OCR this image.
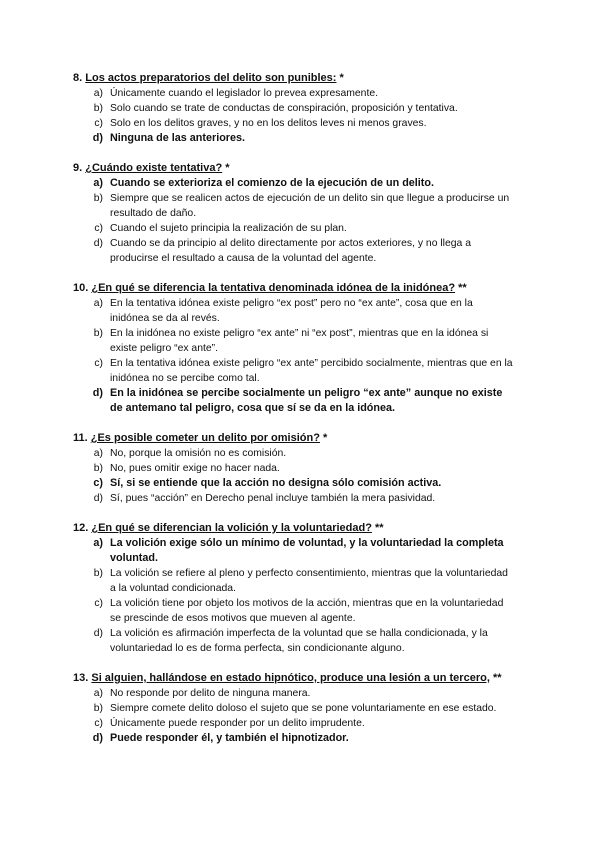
8. Los actos preparatorios del delito son punibles: *
a) Únicamente cuando el legislador lo prevea expresamente.
b) Solo cuando se trate de conductas de conspiración, proposición y tentativa.
c) Solo en los delitos graves, y no en los delitos leves ni menos graves.
d) Ninguna de las anteriores.
9. ¿Cuándo existe tentativa? *
a) Cuando se exterioriza el comienzo de la ejecución de un delito.
b) Siempre que se realicen actos de ejecución de un delito sin que llegue a producirse un resultado de daño.
c) Cuando el sujeto principia la realización de su plan.
d) Cuando se da principio al delito directamente por actos exteriores, y no llega a producirse el resultado a causa de la voluntad del agente.
10. ¿En qué se diferencia la tentativa denominada idónea de la inidónea? **
a) En la tentativa idónea existe peligro “ex post” pero no “ex ante”, cosa que en la inidónea se da al revés.
b) En la inidónea no existe peligro “ex ante” ni “ex post”, mientras que en la idónea si existe peligro “ex ante”.
c) En la tentativa idónea existe peligro “ex ante” percibido socialmente, mientras que en la inidónea no se percibe como tal.
d) En la inidónea se percibe socialmente un peligro “ex ante” aunque no existe de antemano tal peligro, cosa que sí se da en la idónea.
11. ¿Es posible cometer un delito por omisión? *
a) No, porque la omisión no es comisión.
b) No, pues omitir exige no hacer nada.
c) Sí, si se entiende que la acción no designa sólo comisión activa.
d) Sí, pues “acción” en Derecho penal incluye también la mera pasividad.
12. ¿En qué se diferencian la volición y la voluntariedad? **
a) La volición exige sólo un mínimo de voluntad, y la voluntariedad la completa voluntad.
b) La volición se refiere al pleno y perfecto consentimiento, mientras que la voluntariedad a la voluntad condicionada.
c) La volición tiene por objeto los motivos de la acción, mientras que en la voluntariedad se prescinde de esos motivos que mueven al agente.
d) La volición es afirmación imperfecta de la voluntad que se halla condicionada, y la voluntariedad lo es de forma perfecta, sin condicionante alguno.
13. Si alguien, hallándose en estado hipnótico, produce una lesión a un tercero, **
a) No responde por delito de ninguna manera.
b) Siempre comete delito doloso el sujeto que se pone voluntariamente en ese estado.
c) Únicamente puede responder por un delito imprudente.
d) Puede responder él, y también el hipnotizador.
